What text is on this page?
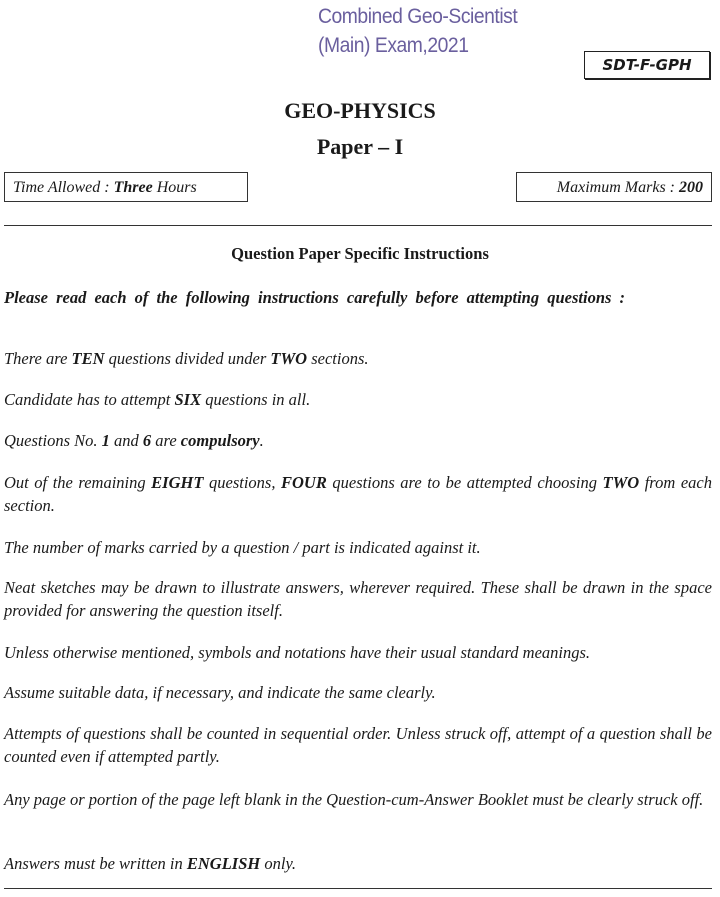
Combined Geo-Scientist
(Main) Exam,2021
SDT-F-GPH
GEO-PHYSICS
Paper – I
Time Allowed : Three Hours	Maximum Marks : 200
Question Paper Specific Instructions
Please read each of the following instructions carefully before attempting questions :
There are TEN questions divided under TWO sections.
Candidate has to attempt SIX questions in all.
Questions No. 1 and 6 are compulsory.
Out of the remaining EIGHT questions, FOUR questions are to be attempted choosing TWO from each section.
The number of marks carried by a question / part is indicated against it.
Neat sketches may be drawn to illustrate answers, wherever required. These shall be drawn in the space provided for answering the question itself.
Unless otherwise mentioned, symbols and notations have their usual standard meanings.
Assume suitable data, if necessary, and indicate the same clearly.
Attempts of questions shall be counted in sequential order. Unless struck off, attempt of a question shall be counted even if attempted partly.
Any page or portion of the page left blank in the Question-cum-Answer Booklet must be clearly struck off.
Answers must be written in ENGLISH only.
